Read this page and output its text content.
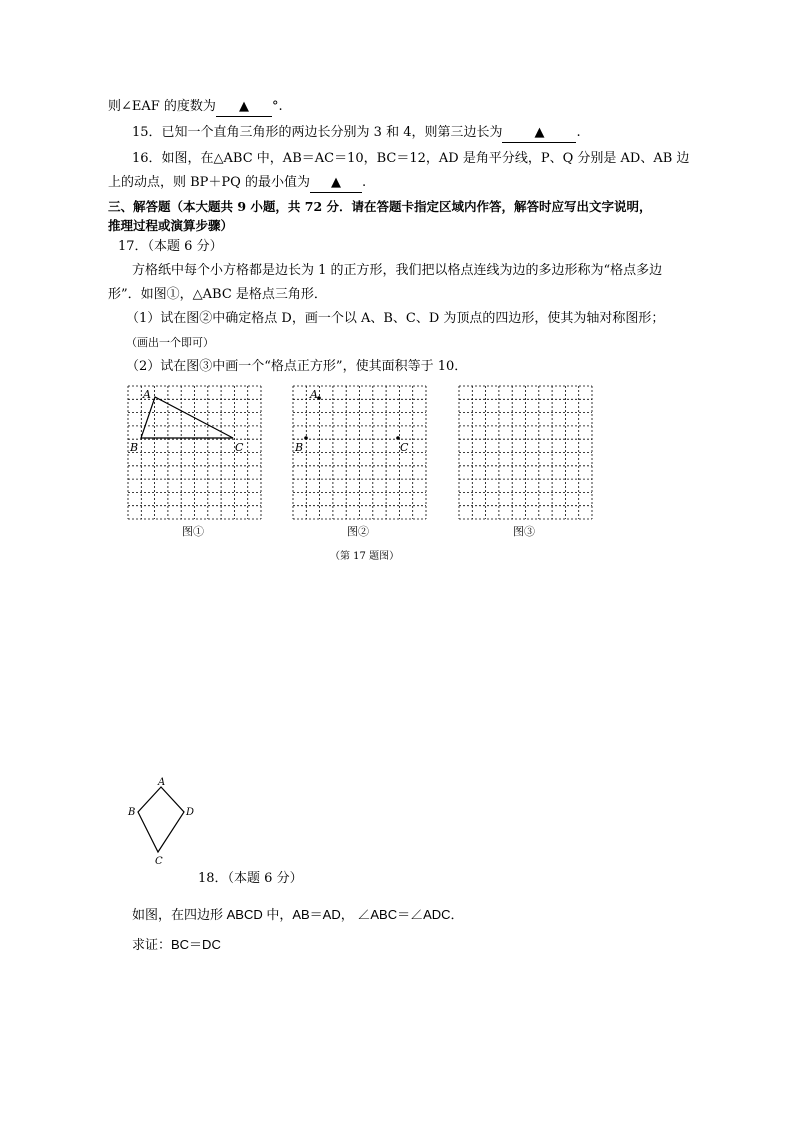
则∠EAF 的度数为 ▲ °.
15．已知一个直角三角形的两边长分别为 3 和 4，则第三边长为 ▲ .
16．如图，在△ABC 中，AB＝AC＝10，BC＝12，AD 是角平分线，P、Q 分别是 AD、AB 边
上的动点，则 BP＋PQ 的最小值为 ▲ .
三、解答题（本大题共 9 小题，共 72 分．请在答题卡指定区域内作答，解答时应写出文字说明，
推理过程或演算步骤）
17．（本题 6 分）
方格纸中每个小方格都是边长为 1 的正方形，我们把以格点连线为边的多边形称为“格点多边
形”．如图①，△ABC 是格点三角形．
（1）试在图②中确定格点 D，画一个以 A、B、C、D 为顶点的四边形，使其为轴对称图形；
（画出一个即可）
（2）试在图③中画一个“格点正方形”，使其面积等于 10．
A
B	C
A
B	C
图①	图②	图③
（第 17 题图）
A
B	D
C
18．（本题 6 分）
如图，在四边形 ABCD 中，AB＝AD， ∠ABC＝∠ADC．
求证：BC＝DC
